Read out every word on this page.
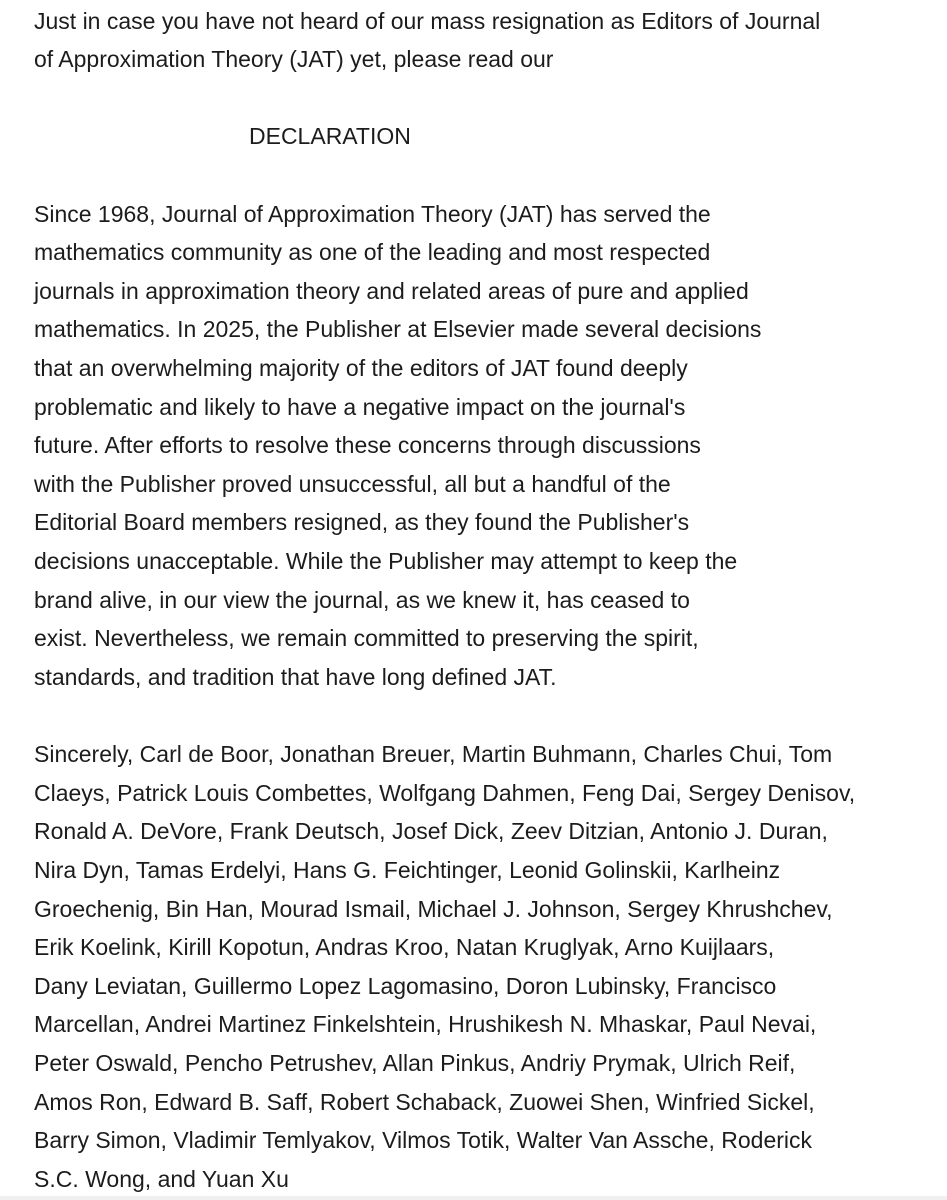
Just in case you have not heard of our mass resignation as Editors of Journal
of Approximation Theory (JAT) yet, please read our
DECLARATION
Since 1968, Journal of Approximation Theory (JAT) has served the
mathematics community as one of the leading and most respected
journals in approximation theory and related areas of pure and applied
mathematics. In 2025, the Publisher at Elsevier made several decisions
that an overwhelming majority of the editors of JAT found deeply
problematic and likely to have a negative impact on the journal's
future. After efforts to resolve these concerns through discussions
with the Publisher proved unsuccessful, all but a handful of the
Editorial Board members resigned, as they found the Publisher's
decisions unacceptable. While the Publisher may attempt to keep the
brand alive, in our view the journal, as we knew it, has ceased to
exist. Nevertheless, we remain committed to preserving the spirit,
standards, and tradition that have long defined JAT.
Sincerely, Carl de Boor, Jonathan Breuer, Martin Buhmann, Charles Chui, Tom
Claeys, Patrick Louis Combettes, Wolfgang Dahmen, Feng Dai, Sergey Denisov,
Ronald A. DeVore, Frank Deutsch, Josef Dick, Zeev Ditzian, Antonio J. Duran,
Nira Dyn, Tamas Erdelyi, Hans G. Feichtinger, Leonid Golinskii, Karlheinz
Groechenig, Bin Han, Mourad Ismail, Michael J. Johnson, Sergey Khrushchev,
Erik Koelink, Kirill Kopotun, Andras Kroo, Natan Kruglyak, Arno Kuijlaars,
Dany Leviatan, Guillermo Lopez Lagomasino, Doron Lubinsky, Francisco
Marcellan, Andrei Martinez Finkelshtein, Hrushikesh N. Mhaskar, Paul Nevai,
Peter Oswald, Pencho Petrushev, Allan Pinkus, Andriy Prymak, Ulrich Reif,
Amos Ron, Edward B. Saff, Robert Schaback, Zuowei Shen, Winfried Sickel,
Barry Simon, Vladimir Temlyakov, Vilmos Totik, Walter Van Assche, Roderick
S.C. Wong, and Yuan Xu
